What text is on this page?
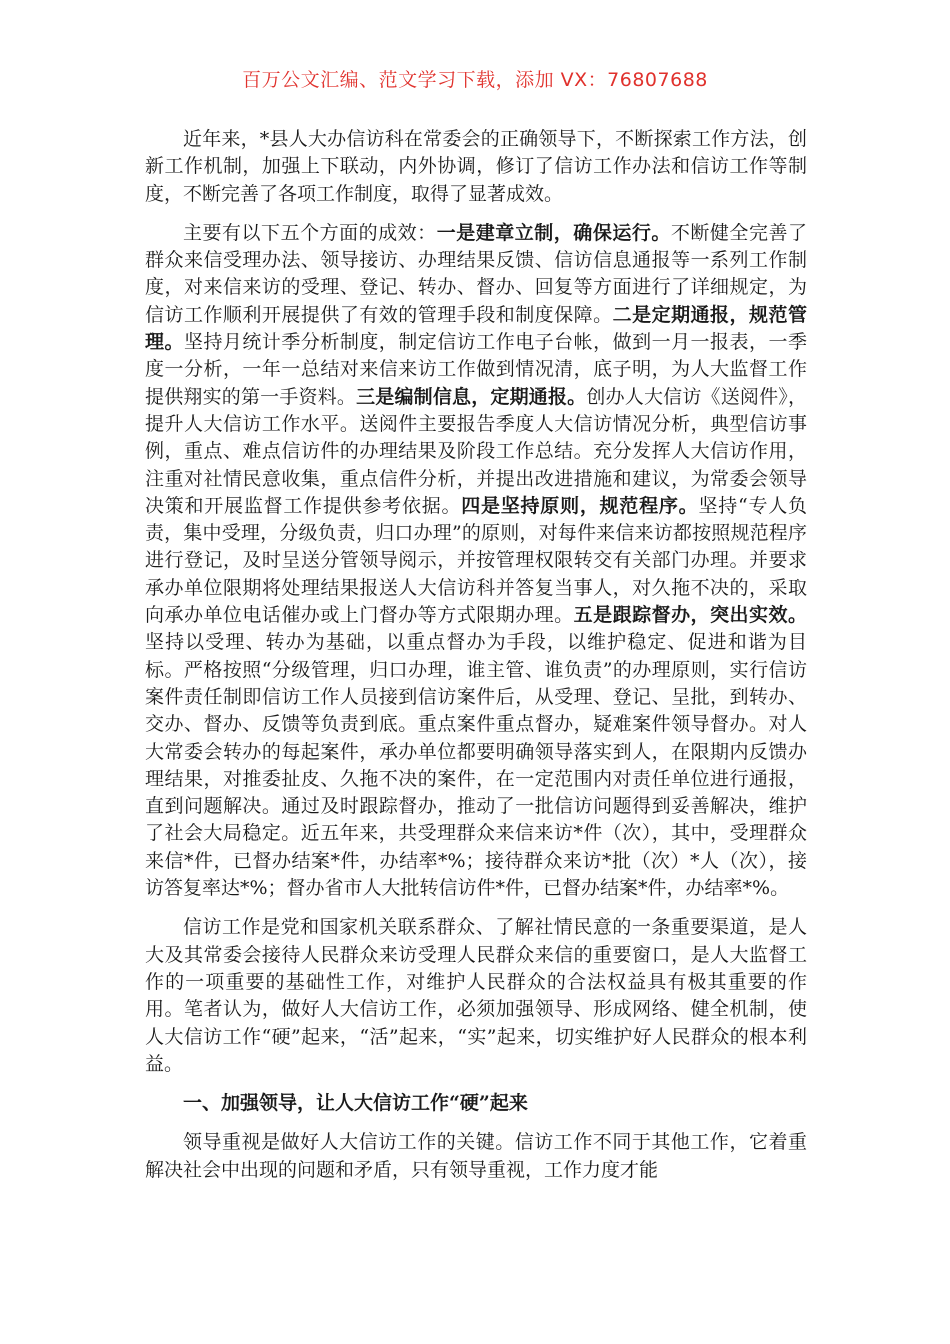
百万公文汇编、范文学习下载，添加 VX：76807688

近年来，*县人大办信访科在常委会的正确领导下，不断探索工作方法，创新工作机制，加强上下联动，内外协调，修订了信访工作办法和信访工作等制度，不断完善了各项工作制度，取得了显著成效。

主要有以下五个方面的成效：一是建章立制，确保运行。不断健全完善了群众来信受理办法、领导接访、办理结果反馈、信访信息通报等一系列工作制度，对来信来访的受理、登记、转办、督办、回复等方面进行了详细规定，为信访工作顺利开展提供了有效的管理手段和制度保障。二是定期通报，规范管理。坚持月统计季分析制度，制定信访工作电子台帐，做到一月一报表，一季度一分析，一年一总结对来信来访工作做到情况清，底子明，为人大监督工作提供翔实的第一手资料。三是编制信息，定期通报。创办人大信访《送阅件》，提升人大信访工作水平。送阅件主要报告季度人大信访情况分析，典型信访事例，重点、难点信访件的办理结果及阶段工作总结。充分发挥人大信访作用，注重对社情民意收集，重点信件分析，并提出改进措施和建议，为常委会领导决策和开展监督工作提供参考依据。四是坚持原则，规范程序。坚持“专人负责，集中受理，分级负责，归口办理”的原则，对每件来信来访都按照规范程序进行登记，及时呈送分管领导阅示，并按管理权限转交有关部门办理。并要求承办单位限期将处理结果报送人大信访科并答复当事人，对久拖不决的，采取向承办单位电话催办或上门督办等方式限期办理。五是跟踪督办，突出实效。坚持以受理、转办为基础，以重点督办为手段，以维护稳定、促进和谐为目标。严格按照“分级管理，归口办理，谁主管、谁负责”的办理原则，实行信访案件责任制即信访工作人员接到信访案件后，从受理、登记、呈批，到转办、交办、督办、反馈等负责到底。重点案件重点督办，疑难案件领导督办。对人大常委会转办的每起案件，承办单位都要明确领导落实到人，在限期内反馈办理结果，对推委扯皮、久拖不决的案件，在一定范围内对责任单位进行通报，直到问题解决。通过及时跟踪督办，推动了一批信访问题得到妥善解决，维护了社会大局稳定。近五年来，共受理群众来信来访*件（次），其中，受理群众来信*件，已督办结案*件，办结率*%；接待群众来访*批（次）*人（次），接访答复率达*%；督办省市人大批转信访件*件，已督办结案*件，办结率*%。

信访工作是党和国家机关联系群众、了解社情民意的一条重要渠道，是人大及其常委会接待人民群众来访受理人民群众来信的重要窗口，是人大监督工作的一项重要的基础性工作，对维护人民群众的合法权益具有极其重要的作用。笔者认为，做好人大信访工作，必须加强领导、形成网络、健全机制，使人大信访工作“硬”起来，“活”起来，“实”起来，切实维护好人民群众的根本利益。

一、加强领导，让人大信访工作“硬”起来

领导重视是做好人大信访工作的关键。信访工作不同于其他工作，它着重解决社会中出现的问题和矛盾，只有领导重视，工作力度才能
